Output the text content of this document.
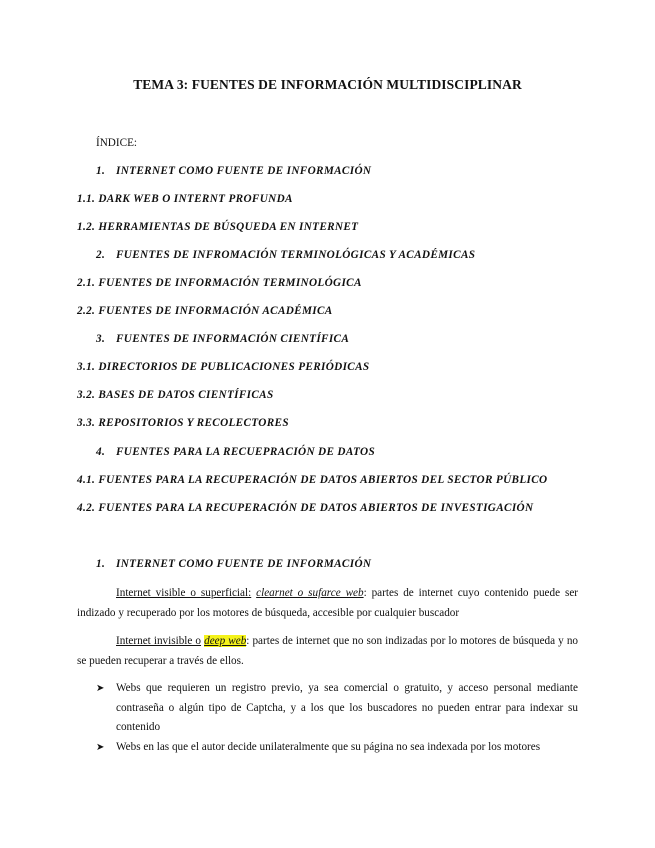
TEMA 3: FUENTES DE INFORMACIÓN MULTIDISCIPLINAR
ÍNDICE:
1. INTERNET COMO FUENTE DE INFORMACIÓN
1.1. DARK WEB O INTERNT PROFUNDA
1.2. HERRAMIENTAS DE BÚSQUEDA EN INTERNET
2. FUENTES DE INFROMACIÓN TERMINOLÓGICAS Y ACADÉMICAS
2.1. FUENTES DE INFORMACIÓN TERMINOLÓGICA
2.2. FUENTES DE INFORMACIÓN ACADÉMICA
3. FUENTES DE INFORMACIÓN CIENTÍFICA
3.1. DIRECTORIOS DE PUBLICACIONES PERIÓDICAS
3.2. BASES DE DATOS CIENTÍFICAS
3.3. REPOSITORIOS Y RECOLECTORES
4. FUENTES PARA LA RECUEPRACIÓN DE DATOS
4.1. FUENTES PARA LA RECUPERACIÓN DE DATOS ABIERTOS DEL SECTOR PÚBLICO
4.2. FUENTES PARA LA RECUPERACIÓN DE DATOS ABIERTOS DE INVESTIGACIÓN
1. INTERNET COMO FUENTE DE INFORMACIÓN
Internet visible o superficial: clearnet o sufarce web: partes de internet cuyo contenido puede ser indizado y recuperado por los motores de búsqueda, accesible por cualquier buscador
Internet invisible o deep web: partes de internet que no son indizadas por lo motores de búsqueda y no se pueden recuperar a través de ellos.
➤ Webs que requieren un registro previo, ya sea comercial o gratuito, y acceso personal mediante contraseña o algún tipo de Captcha, y a los que los buscadores no pueden entrar para indexar su contenido
➤ Webs en las que el autor decide unilateralmente que su página no sea indexada por los motores
